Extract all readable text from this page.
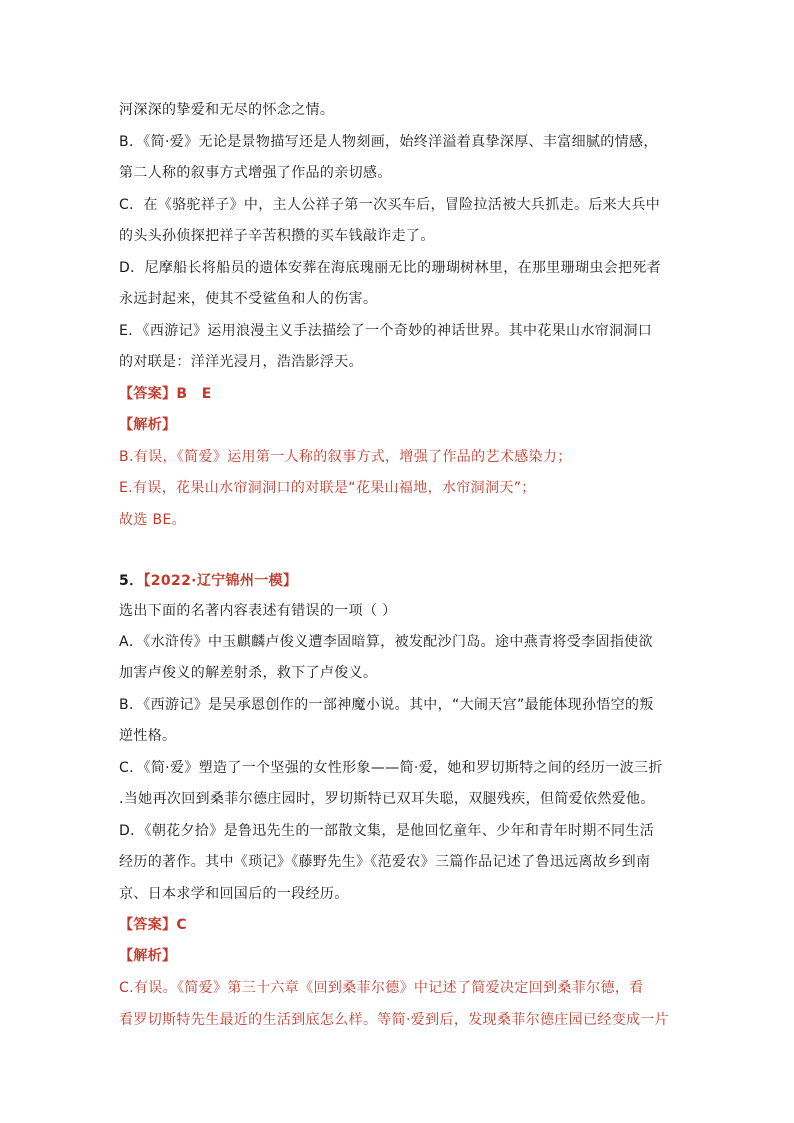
河深深的挚爱和无尽的怀念之情。
B．《简·爱》无论是景物描写还是人物刻画，始终洋溢着真挚深厚、丰富细腻的情感，
第二人称的叙事方式增强了作品的亲切感。
C．在《骆驼祥子》中，主人公祥子第一次买车后，冒险拉活被大兵抓走。后来大兵中
的头头孙侦探把祥子辛苦积攒的买车钱敲诈走了。
D．尼摩船长将船员的遗体安葬在海底瑰丽无比的珊瑚树林里，在那里珊瑚虫会把死者
永远封起来，使其不受鲨鱼和人的伤害。
E．《西游记》运用浪漫主义手法描绘了一个奇妙的神话世界。其中花果山水帘洞洞口
的对联是：洋洋光浸月，浩浩影浮天。
【答案】B　E
【解析】
B.有误，《简爱》运用第一人称的叙事方式，增强了作品的艺术感染力；
E.有误，花果山水帘洞洞口的对联是“花果山福地，水帘洞洞天”；
故选 BE。
5．【2022·辽宁锦州一模】
选出下面的名著内容表述有错误的一项（ ）
A．《水浒传》中玉麒麟卢俊义遭李固暗算，被发配沙门岛。途中燕青将受李固指使欲
加害卢俊义的解差射杀，救下了卢俊义。
B．《西游记》是吴承恩创作的一部神魔小说。其中，“大闹天宫”最能体现孙悟空的叛
逆性格。
C．《简·爱》塑造了一个坚强的女性形象——简·爱，她和罗切斯特之间的经历一波三折
.当她再次回到桑菲尔德庄园时，罗切斯特已双耳失聪，双腿残疾，但简爱依然爱他。
D．《朝花夕拾》是鲁迅先生的一部散文集，是他回忆童年、少年和青年时期不同生活
经历的著作。其中《琐记》《藤野先生》《范爱农》三篇作品记述了鲁迅远离故乡到南
京、日本求学和回国后的一段经历。
【答案】C
【解析】
C.有误。《简爱》第三十六章《回到桑菲尔德》中记述了简爱决定回到桑菲尔德，看
看罗切斯特先生最近的生活到底怎么样。等简·爱到后，发现桑菲尔德庄园已经变成一片
